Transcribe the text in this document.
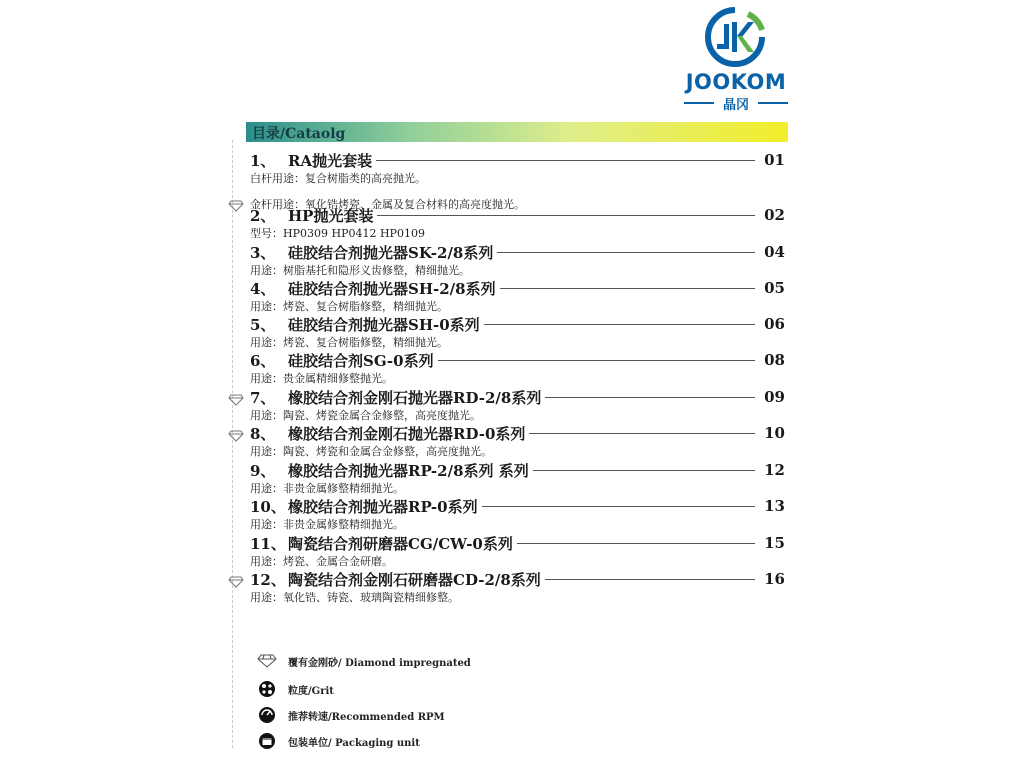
JOOKOM
晶冈
目录/Cataolg
1、 RA抛光套装	01
白杆用途：复合树脂类的高亮抛光。
金杆用途：氧化锆烤瓷、金属及复合材料的高亮度抛光。
2、 HP抛光套装	02
型号：HP0309 HP0412 HP0109
3、 硅胶结合剂抛光器SK-2/8系列	04
用途：树脂基托和隐形义齿修整，精细抛光。
4、 硅胶结合剂抛光器SH-2/8系列	05
用途：烤瓷、复合树脂修整，精细抛光。
5、 硅胶结合剂抛光器SH-0系列	06
用途：烤瓷、复合树脂修整，精细抛光。
6、 硅胶结合剂SG-0系列	08
用途：贵金属精细修整抛光。
7、 橡胶结合剂金刚石抛光器RD-2/8系列	09
用途：陶瓷、烤瓷金属合金修整，高亮度抛光。
8、 橡胶结合剂金刚石抛光器RD-0系列	10
用途：陶瓷、烤瓷和金属合金修整，高亮度抛光。
9、 橡胶结合剂抛光器RP-2/8系列 系列	12
用途：非贵金属修整精细抛光。
10、 橡胶结合剂抛光器RP-0系列	13
用途：非贵金属修整精细抛光。
11、 陶瓷结合剂研磨器CG/CW-0系列	15
用途：烤瓷、金属合金研磨。
12、 陶瓷结合剂金刚石研磨器CD-2/8系列	16
用途：氧化锆、铸瓷、玻璃陶瓷精细修整。
覆有金刚砂/ Diamond impregnated
粒度/Grit
推荐转速/Recommended RPM
包装单位/ Packaging unit
